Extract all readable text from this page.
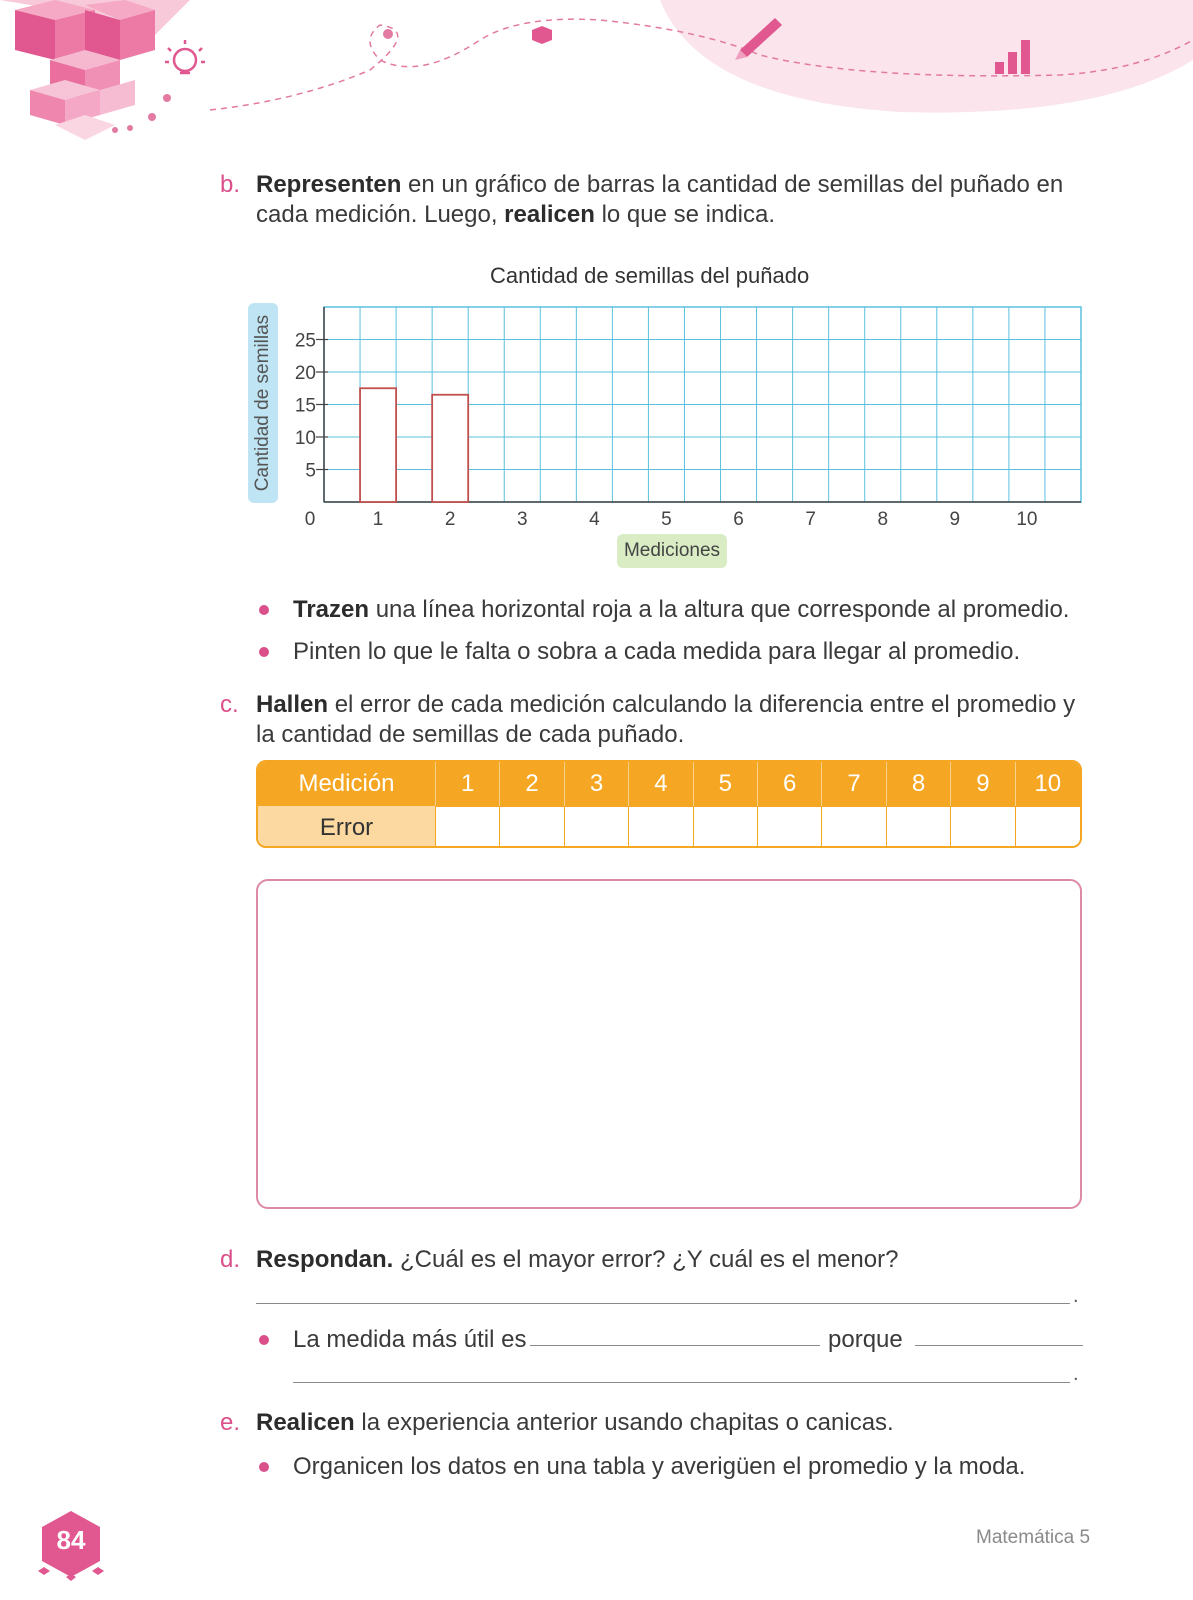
b. Representen en un gráfico de barras la cantidad de semillas del puñado en
cada medición. Luego, realicen lo que se indica.
Cantidad de semillas del puñado
Cantidad de semillas 5
10
15
20
25
0	1	2	3	4	5	6	7	8	9	10
Mediciones
Trazen una línea horizontal roja a la altura que corresponde al promedio.
Pinten lo que le falta o sobra a cada medida para llegar al promedio.
c. Hallen el error de cada medición calculando la diferencia entre el promedio y
la cantidad de semillas de cada puñado.
Medición	1	2	3	4	5	6	7	8	9	10
Error
d. Respondan. ¿Cuál es el mayor error? ¿Y cuál es el menor?
.
La medida más útil es	porque
.
e. Realicen la experiencia anterior usando chapitas o canicas.
Organicen los datos en una tabla y averigüen el promedio y la moda.
84	Matemática 5
